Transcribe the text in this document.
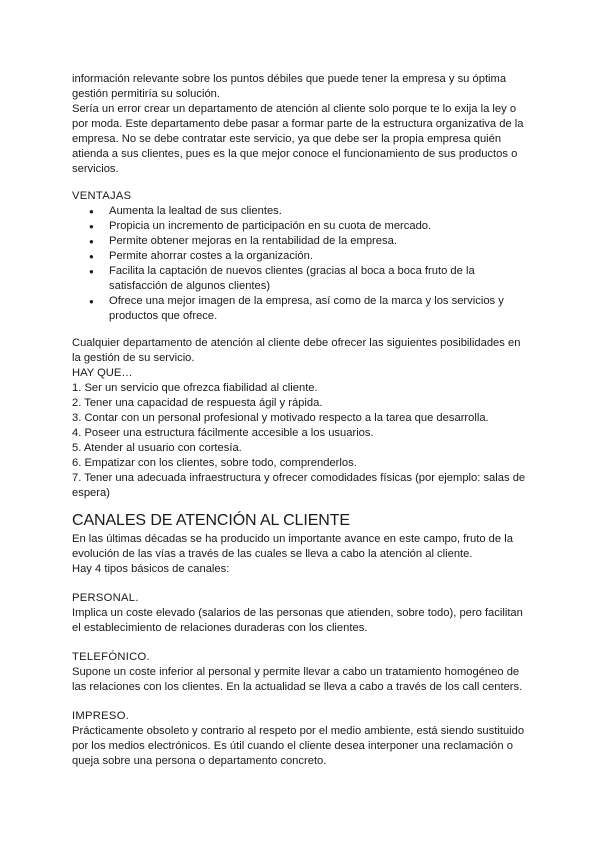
información relevante sobre los puntos débiles que puede tener la empresa y su óptima gestión permitiría su solución.

Sería un error crear un departamento de atención al cliente solo porque te lo exija la ley o por moda. Este departamento debe pasar a formar parte de la estructura organizativa de la empresa. No se debe contratar este servicio, ya que debe ser la propia empresa quién atienda a sus clientes, pues es la que mejor conoce el funcionamiento de sus productos o servicios.

VENTAJAS

● Aumenta la lealtad de sus clientes.
● Propicia un incremento de participación en su cuota de mercado.
● Permite obtener mejoras en la rentabilidad de la empresa.
● Permite ahorrar costes a la organización.
● Facilita la captación de nuevos clientes (gracias al boca a boca fruto de la satisfacción de algunos clientes)
● Ofrece una mejor imagen de la empresa, así como de la marca y los servicios y productos que ofrece.

Cualquier departamento de atención al cliente debe ofrecer las siguientes posibilidades en la gestión de su servicio.

HAY QUE…

1. Ser un servicio que ofrezca fiabilidad al cliente.

2. Tener una capacidad de respuesta ágil y rápida.

3. Contar con un personal profesional y motivado respecto a la tarea que desarrolla.

4. Poseer una estructura fácilmente accesible a los usuarios.

5. Atender al usuario con cortesía.

6. Empatizar con los clientes, sobre todo, comprenderlos.

7. Tener una adecuada infraestructura y ofrecer comodidades físicas (por ejemplo: salas de espera)

CANALES DE ATENCIÓN AL CLIENTE

En las últimas décadas se ha producido un importante avance en este campo, fruto de la evolución de las vías a través de las cuales se lleva a cabo la atención al cliente.

Hay 4 tipos básicos de canales:

PERSONAL.

Implica un coste elevado (salarios de las personas que atienden, sobre todo), pero facilitan el establecimiento de relaciones duraderas con los clientes.

TELEFÓNICO.

Supone un coste inferior al personal y permite llevar a cabo un tratamiento homogéneo de las relaciones con los clientes. En la actualidad se lleva a cabo a través de los call centers.

IMPRESO.

Prácticamente obsoleto y contrario al respeto por el medio ambiente, está siendo sustituido por los medios electrónicos. Es útil cuando el cliente desea interponer una reclamación o queja sobre una persona o departamento concreto.
